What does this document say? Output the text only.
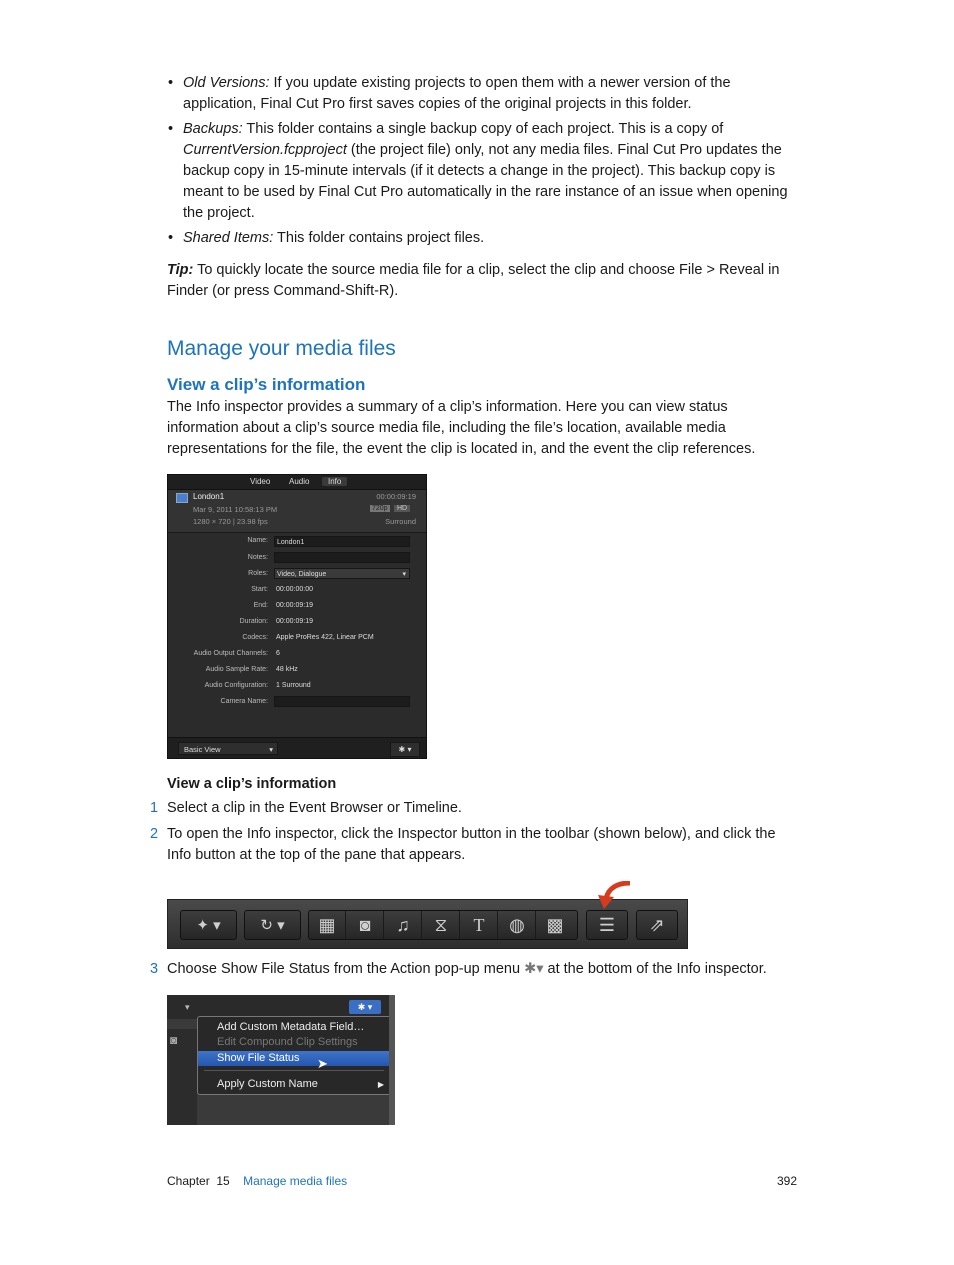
• Old Versions: If you update existing projects to open them with a newer version of the application, Final Cut Pro first saves copies of the original projects in this folder.
• Backups: This folder contains a single backup copy of each project. This is a copy of CurrentVersion.fcpproject (the project file) only, not any media files. Final Cut Pro updates the backup copy in 15-minute intervals (if it detects a change in the project). This backup copy is meant to be used by Final Cut Pro automatically in the rare instance of an issue when opening the project.
• Shared Items: This folder contains project files.
Tip: To quickly locate the source media file for a clip, select the clip and choose File > Reveal in Finder (or press Command-Shift-R).
Manage your media files
View a clip’s information
The Info inspector provides a summary of a clip’s information. Here you can view status information about a clip’s source media file, including the file’s location, available media representations for the file, the event the clip is located in, and the event the clip references.
Video Audio	Info
London1
Mar 9, 2011 10:58:13 PM
1280 × 720 | 23.98 fps
00:00:09:19
720p	HD
Surround
Name:	London1
Notes:
Roles:	Video, Dialogue	▾
Start: 00:00:00:00
End: 00:00:09:19
Duration: 00:00:09:19
Codecs: Apple ProRes 422, Linear PCM
Audio Output Channels: 6
Audio Sample Rate: 48 kHz
Audio Configuration: 1 Surround
Camera Name:
Basic View	▾	✱ ▾
View a clip’s information
1 Select a clip in the Event Browser or Timeline.
2 To open the Info inspector, click the Inspector button in the toolbar (shown below), and click the Info button at the top of the pane that appears.
✦ ▾	↻ ▾	▦	◙	♫	⧖	T	◍	▩	☰	⇗
3 Choose Show File Status from the Action pop-up menu ✱▾ at the bottom of the Info inspector.
▾	✱ ▾
◙
Add Custom Metadata Field…
Edit Compound Clip Settings
Show File Status
Apply Custom Name	▶
➤
Chapter 15 Manage media files	392
